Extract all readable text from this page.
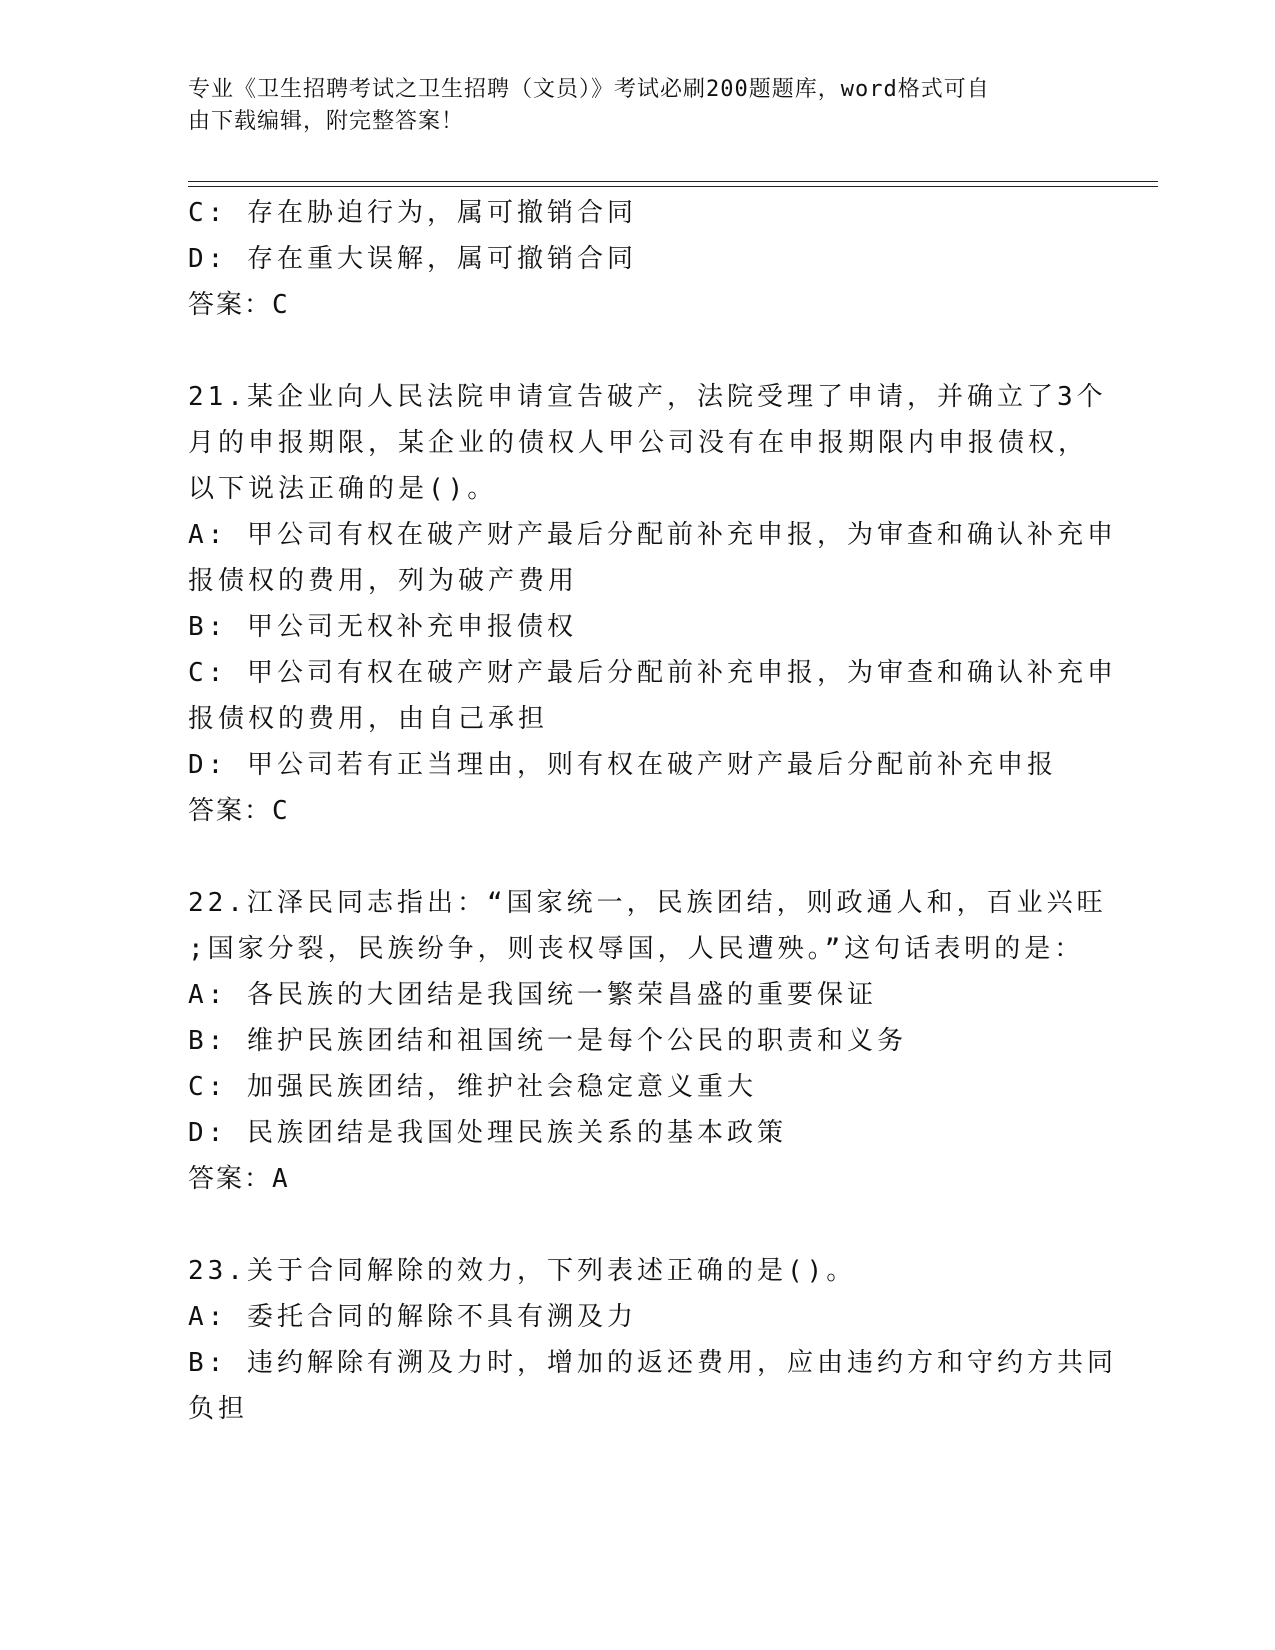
专业《卫生招聘考试之卫生招聘（文员）》考试必刷200题题库，word格式可自
由下载编辑，附完整答案！
C: 存在胁迫行为，属可撤销合同
D: 存在重大误解，属可撤销合同
答案：C
21.某企业向人民法院申请宣告破产，法院受理了申请，并确立了3个
月的申报期限，某企业的债权人甲公司没有在申报期限内申报债权，
以下说法正确的是()。
A: 甲公司有权在破产财产最后分配前补充申报，为审查和确认补充申
报债权的费用，列为破产费用
B: 甲公司无权补充申报债权
C: 甲公司有权在破产财产最后分配前补充申报，为审查和确认补充申
报债权的费用，由自己承担
D: 甲公司若有正当理由，则有权在破产财产最后分配前补充申报
答案：C
22.江泽民同志指出：“国家统一，民族团结，则政通人和，百业兴旺
;国家分裂，民族纷争，则丧权辱国，人民遭殃。”这句话表明的是：
A: 各民族的大团结是我国统一繁荣昌盛的重要保证
B: 维护民族团结和祖国统一是每个公民的职责和义务
C: 加强民族团结，维护社会稳定意义重大
D: 民族团结是我国处理民族关系的基本政策
答案：A
23.关于合同解除的效力，下列表述正确的是()。
A: 委托合同的解除不具有溯及力
B: 违约解除有溯及力时，增加的返还费用，应由违约方和守约方共同
负担
